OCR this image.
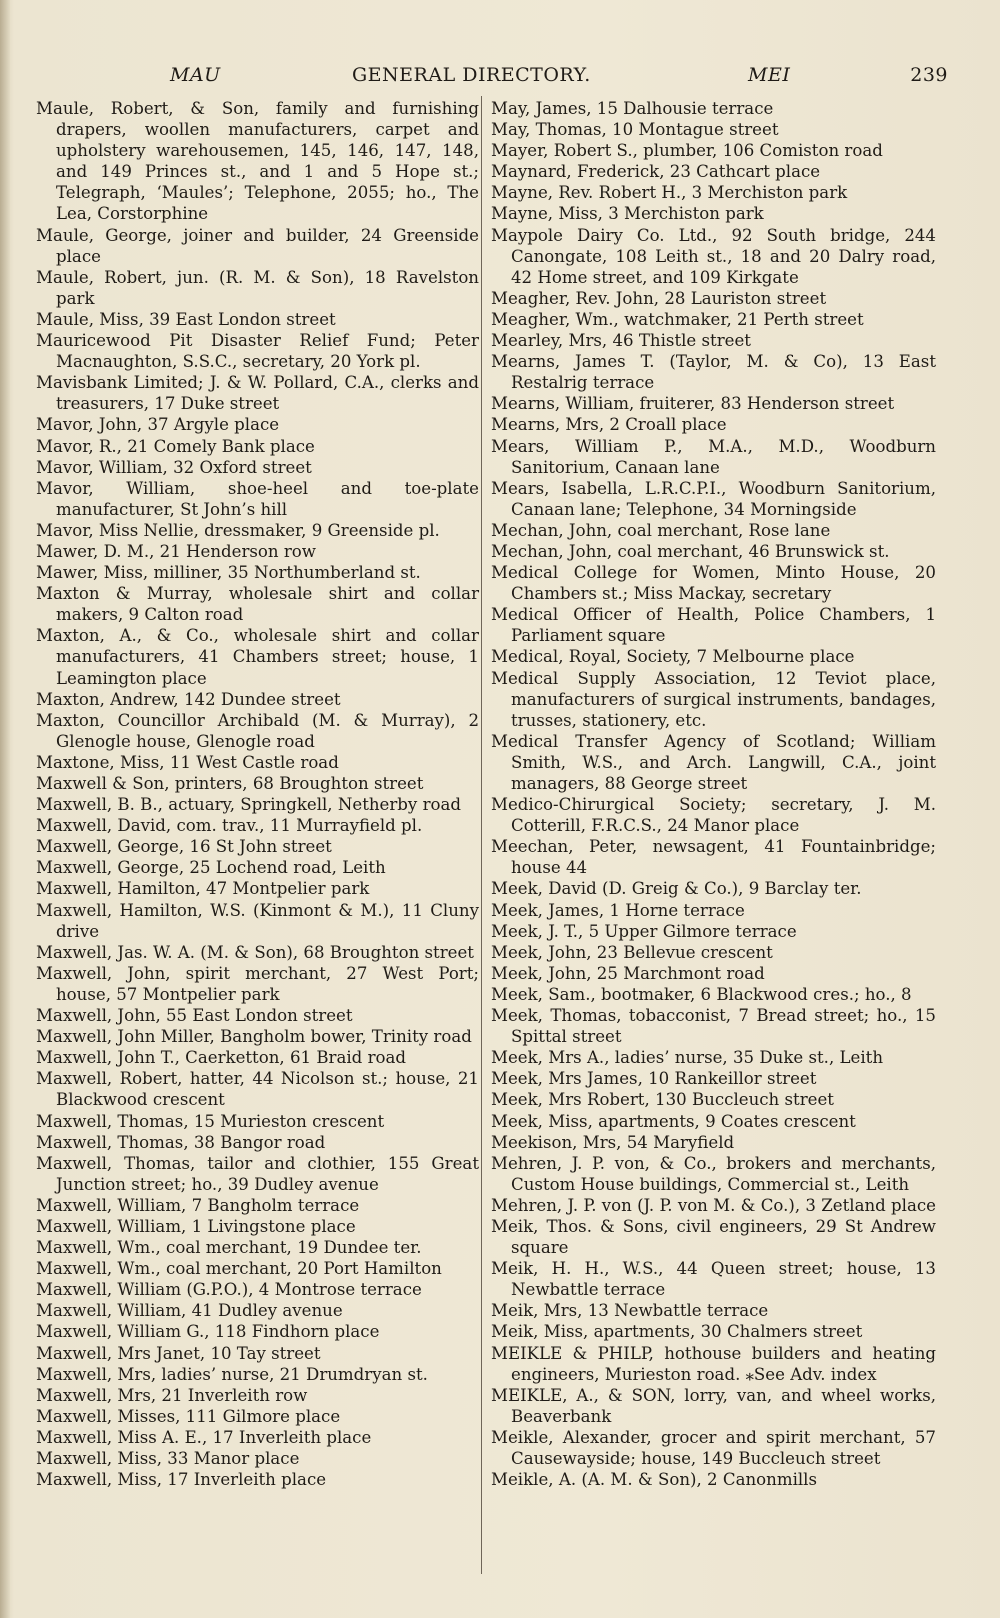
MAU	GENERAL DIRECTORY.	MEI	239
Maule, Robert, & Son, family and furnishing drapers, woollen manufacturers, carpet and upholstery warehousemen, 145, 146, 147, 148, and 149 Princes st., and 1 and 5 Hope st.; Telegraph, ‘Maules’; Telephone, 2055; ho., The Lea, Corstorphine
Maule, George, joiner and builder, 24 Greenside place
Maule, Robert, jun. (R. M. & Son), 18 Ravelston park
Maule, Miss, 39 East London street
Mauricewood Pit Disaster Relief Fund; Peter Macnaughton, S.S.C., secretary, 20 York pl.
Mavisbank Limited; J. & W. Pollard, C.A., clerks and treasurers, 17 Duke street
Mavor, John, 37 Argyle place
Mavor, R., 21 Comely Bank place
Mavor, William, 32 Oxford street
Mavor, William, shoe-heel and toe-plate manufacturer, St John’s hill
Mavor, Miss Nellie, dressmaker, 9 Greenside pl.
Mawer, D. M., 21 Henderson row
Mawer, Miss, milliner, 35 Northumberland st.
Maxton & Murray, wholesale shirt and collar makers, 9 Calton road
Maxton, A., & Co., wholesale shirt and collar manufacturers, 41 Chambers street; house, 1 Leamington place
Maxton, Andrew, 142 Dundee street
Maxton, Councillor Archibald (M. & Murray), 2 Glenogle house, Glenogle road
Maxtone, Miss, 11 West Castle road
Maxwell & Son, printers, 68 Broughton street
Maxwell, B. B., actuary, Springkell, Netherby road
Maxwell, David, com. trav., 11 Murrayfield pl.
Maxwell, George, 16 St John street
Maxwell, George, 25 Lochend road, Leith
Maxwell, Hamilton, 47 Montpelier park
Maxwell, Hamilton, W.S. (Kinmont & M.), 11 Cluny drive
Maxwell, Jas. W. A. (M. & Son), 68 Broughton street
Maxwell, John, spirit merchant, 27 West Port; house, 57 Montpelier park
Maxwell, John, 55 East London street
Maxwell, John Miller, Bangholm bower, Trinity road
Maxwell, John T., Caerketton, 61 Braid road
Maxwell, Robert, hatter, 44 Nicolson st.; house, 21 Blackwood crescent
Maxwell, Thomas, 15 Murieston crescent
Maxwell, Thomas, 38 Bangor road
Maxwell, Thomas, tailor and clothier, 155 Great Junction street; ho., 39 Dudley avenue
Maxwell, William, 7 Bangholm terrace
Maxwell, William, 1 Livingstone place
Maxwell, Wm., coal merchant, 19 Dundee ter.
Maxwell, Wm., coal merchant, 20 Port Hamilton
Maxwell, William (G.P.O.), 4 Montrose terrace
Maxwell, William, 41 Dudley avenue
Maxwell, William G., 118 Findhorn place
Maxwell, Mrs Janet, 10 Tay street
Maxwell, Mrs, ladies’ nurse, 21 Drumdryan st.
Maxwell, Mrs, 21 Inverleith row
Maxwell, Misses, 111 Gilmore place
Maxwell, Miss A. E., 17 Inverleith place
Maxwell, Miss, 33 Manor place
Maxwell, Miss, 17 Inverleith place
May, James, 15 Dalhousie terrace
May, Thomas, 10 Montague street
Mayer, Robert S., plumber, 106 Comiston road
Maynard, Frederick, 23 Cathcart place
Mayne, Rev. Robert H., 3 Merchiston park
Mayne, Miss, 3 Merchiston park
Maypole Dairy Co. Ltd., 92 South bridge, 244 Canongate, 108 Leith st., 18 and 20 Dalry road, 42 Home street, and 109 Kirkgate
Meagher, Rev. John, 28 Lauriston street
Meagher, Wm., watchmaker, 21 Perth street
Mearley, Mrs, 46 Thistle street
Mearns, James T. (Taylor, M. & Co), 13 East Restalrig terrace
Mearns, William, fruiterer, 83 Henderson street
Mearns, Mrs, 2 Croall place
Mears, William P., M.A., M.D., Woodburn Sanitorium, Canaan lane
Mears, Isabella, L.R.C.P.I., Woodburn Sanitorium, Canaan lane; Telephone, 34 Morningside
Mechan, John, coal merchant, Rose lane
Mechan, John, coal merchant, 46 Brunswick st.
Medical College for Women, Minto House, 20 Chambers st.; Miss Mackay, secretary
Medical Officer of Health, Police Chambers, 1 Parliament square
Medical, Royal, Society, 7 Melbourne place
Medical Supply Association, 12 Teviot place, manufacturers of surgical instruments, bandages, trusses, stationery, etc.
Medical Transfer Agency of Scotland; William Smith, W.S., and Arch. Langwill, C.A., joint managers, 88 George street
Medico-Chirurgical Society; secretary, J. M. Cotterill, F.R.C.S., 24 Manor place
Meechan, Peter, newsagent, 41 Fountainbridge; house 44
Meek, David (D. Greig & Co.), 9 Barclay ter.
Meek, James, 1 Horne terrace
Meek, J. T., 5 Upper Gilmore terrace
Meek, John, 23 Bellevue crescent
Meek, John, 25 Marchmont road
Meek, Sam., bootmaker, 6 Blackwood cres.; ho., 8
Meek, Thomas, tobacconist, 7 Bread street; ho., 15 Spittal street
Meek, Mrs A., ladies’ nurse, 35 Duke st., Leith
Meek, Mrs James, 10 Rankeillor street
Meek, Mrs Robert, 130 Buccleuch street
Meek, Miss, apartments, 9 Coates crescent
Meekison, Mrs, 54 Maryfield
Mehren, J. P. von, & Co., brokers and merchants, Custom House buildings, Commercial st., Leith
Mehren, J. P. von (J. P. von M. & Co.), 3 Zetland place
Meik, Thos. & Sons, civil engineers, 29 St Andrew square
Meik, H. H., W.S., 44 Queen street; house, 13 Newbattle terrace
Meik, Mrs, 13 Newbattle terrace
Meik, Miss, apartments, 30 Chalmers street
MEIKLE & PHILP, hothouse builders and heating engineers, Murieston road. ⁎See Adv. index
MEIKLE, A., & SON, lorry, van, and wheel works, Beaverbank
Meikle, Alexander, grocer and spirit merchant, 57 Causewayside; house, 149 Buccleuch street
Meikle, A. (A. M. & Son), 2 Canonmills
